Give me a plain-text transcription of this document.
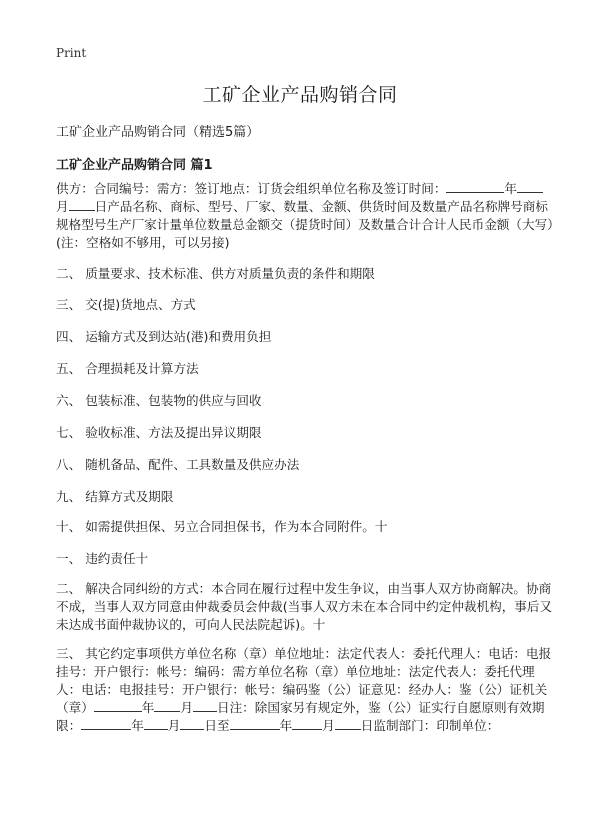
Print
工矿企业产品购销合同
工矿企业产品购销合同（精选5篇）
工矿企业产品购销合同 篇1

供方：合同编号：需方：签订地点：订货会组织单位名称及签订时间：	年月 日产品名称、商标、型号、厂家、数量、金额、供货时间及数量产品名称牌号商标规格型号生产厂家计量单位数量总金额交（提货时间）及数量合计合计人民币金额（大写）(注：空格如不够用，可以另接)

二、 质量要求、技术标准、供方对质量负责的条件和期限

三、 交(提)货地点、方式

四、 运输方式及到达站(港)和费用负担

五、 合理损耗及计算方法

六、 包装标准、包装物的供应与回收

七、 验收标准、方法及提出异议期限

八、 随机备品、配件、工具数量及供应办法

九、 结算方式及期限

十、 如需提供担保、另立合同担保书，作为本合同附件。十

一、 违约责任十

二、 解决合同纠纷的方式：本合同在履行过程中发生争议，由当事人双方协商解决。协商不成，当事人双方同意由仲裁委员会仲裁(当事人双方未在本合同中约定仲裁机构，事后又未达成书面仲裁协议的，可向人民法院起诉)。十

三、 其它约定事项供方单位名称（章）单位地址：法定代表人：委托代理人：电话：电报挂号：开户银行：帐号：编码：需方单位名称（章）单位地址：法定代表人：委托代理人：电话：电报挂号：开户银行：帐号：编码鉴（公）证意见：经办人：鉴（公）证机关（章）	年 月 日注：除国家另有规定外，鉴（公）证实行自愿原则有效期限：	年 月 日至	年 月 日监制部门：印制单位：
